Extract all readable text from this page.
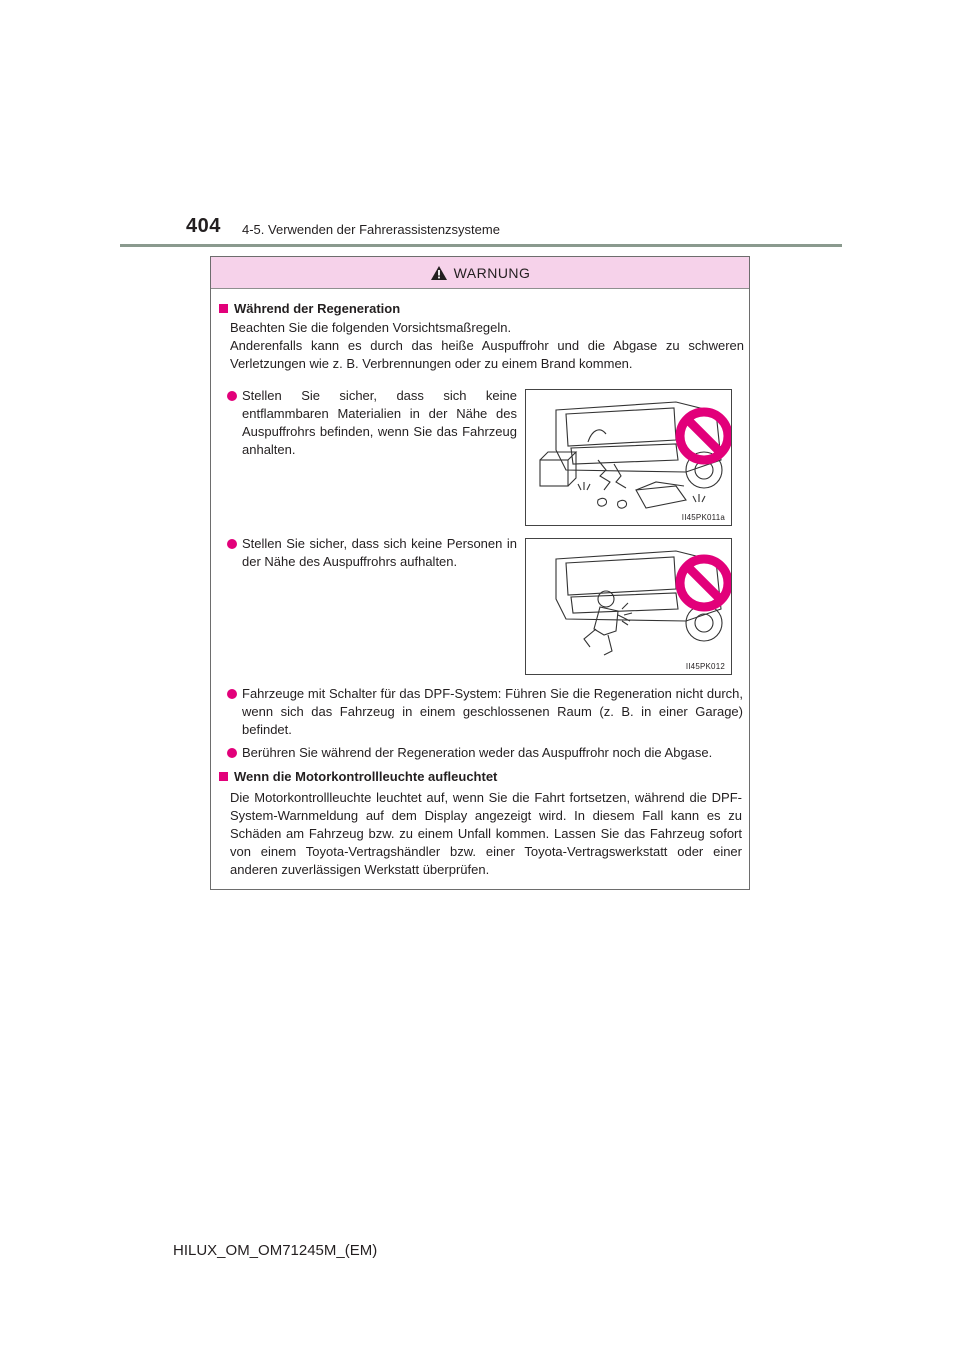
404 4-5. Verwenden der Fahrerassistenzsysteme
WARNUNG
Während der Regeneration
Beachten Sie die folgenden Vorsichtsmaßregeln.
Anderenfalls kann es durch das heiße Auspuffrohr und die Abgase zu schweren Verletzungen wie z. B. Verbrennungen oder zu einem Brand kommen.
Stellen Sie sicher, dass sich keine entflammbaren Materialien in der Nähe des Auspuffrohrs befinden, wenn Sie das Fahrzeug anhalten.
II45PK011a
Stellen Sie sicher, dass sich keine Personen in der Nähe des Auspuffrohrs aufhalten.
II45PK012
Fahrzeuge mit Schalter für das DPF-System: Führen Sie die Regeneration nicht durch, wenn sich das Fahrzeug in einem geschlossenen Raum (z. B. in einer Garage) befindet.
Berühren Sie während der Regeneration weder das Auspuffrohr noch die Abgase.
Wenn die Motorkontrollleuchte aufleuchtet
Die Motorkontrollleuchte leuchtet auf, wenn Sie die Fahrt fortsetzen, während die DPF-System-Warnmeldung auf dem Display angezeigt wird. In diesem Fall kann es zu Schäden am Fahrzeug bzw. zu einem Unfall kommen. Lassen Sie das Fahrzeug sofort von einem Toyota-Vertragshändler bzw. einer Toyota-Vertragswerkstatt oder einer anderen zuverlässigen Werkstatt überprüfen.
HILUX_OM_OM71245M_(EM)
